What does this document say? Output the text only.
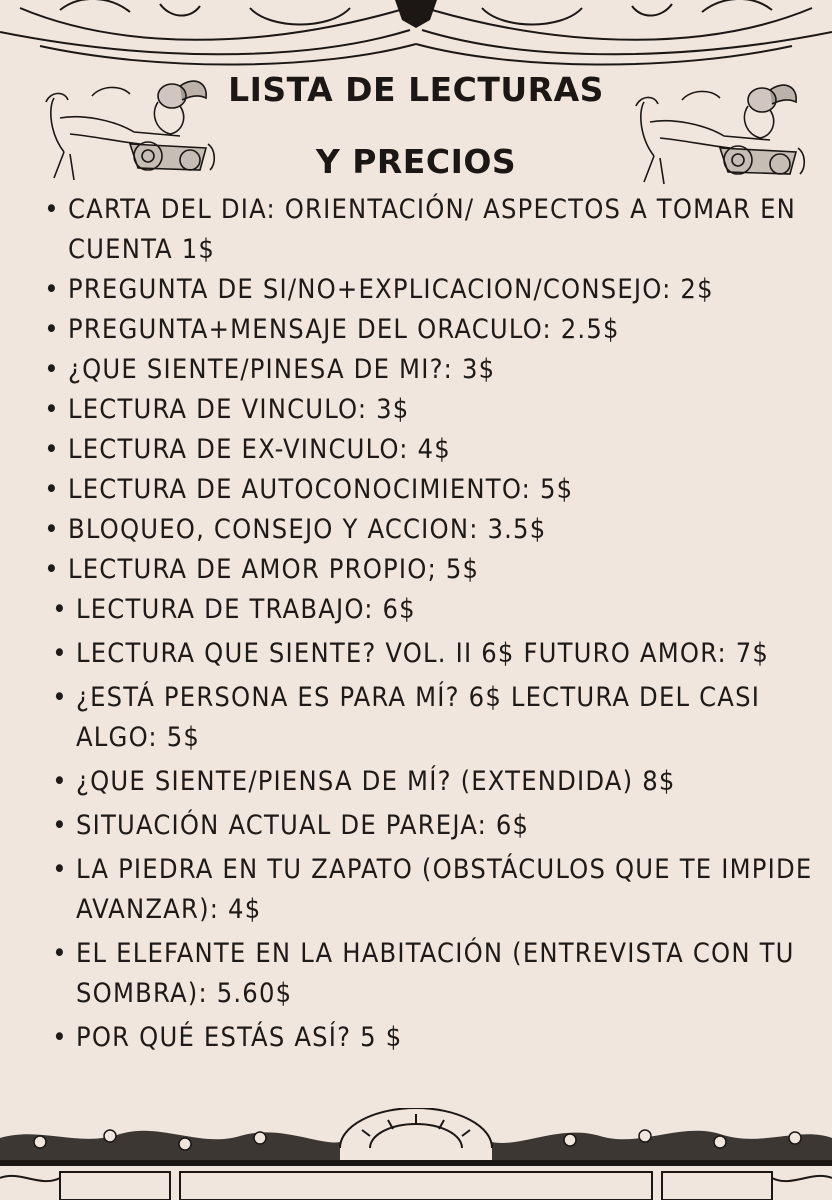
LISTA DE LECTURAS
Y PRECIOS
• CARTA DEL DIA: ORIENTACIÓN/ ASPECTOS A TOMAR EN CUENTA 1$
• PREGUNTA DE SI/NO+EXPLICACION/CONSEJO: 2$
• PREGUNTA+MENSAJE DEL ORACULO: 2.5$
• ¿QUE SIENTE/PINESA DE MI?: 3$
• LECTURA DE VINCULO: 3$
• LECTURA DE EX-VINCULO: 4$
• LECTURA DE AUTOCONOCIMIENTO: 5$
• BLOQUEO, CONSEJO Y ACCION: 3.5$
• LECTURA DE AMOR PROPIO; 5$
• LECTURA DE TRABAJO: 6$
• LECTURA QUE SIENTE? VOL. II 6$ FUTURO AMOR: 7$
• ¿ESTÁ PERSONA ES PARA MÍ? 6$ LECTURA DEL CASI ALGO: 5$
• ¿QUE SIENTE/PIENSA DE MÍ? (EXTENDIDA) 8$
• SITUACIÓN ACTUAL DE PAREJA: 6$
• LA PIEDRA EN TU ZAPATO (OBSTÁCULOS QUE TE IMPIDE AVANZAR): 4$
• EL ELEFANTE EN LA HABITACIÓN (ENTREVISTA CON TU SOMBRA): 5.60$
• POR QUÉ ESTÁS ASÍ? 5 $
